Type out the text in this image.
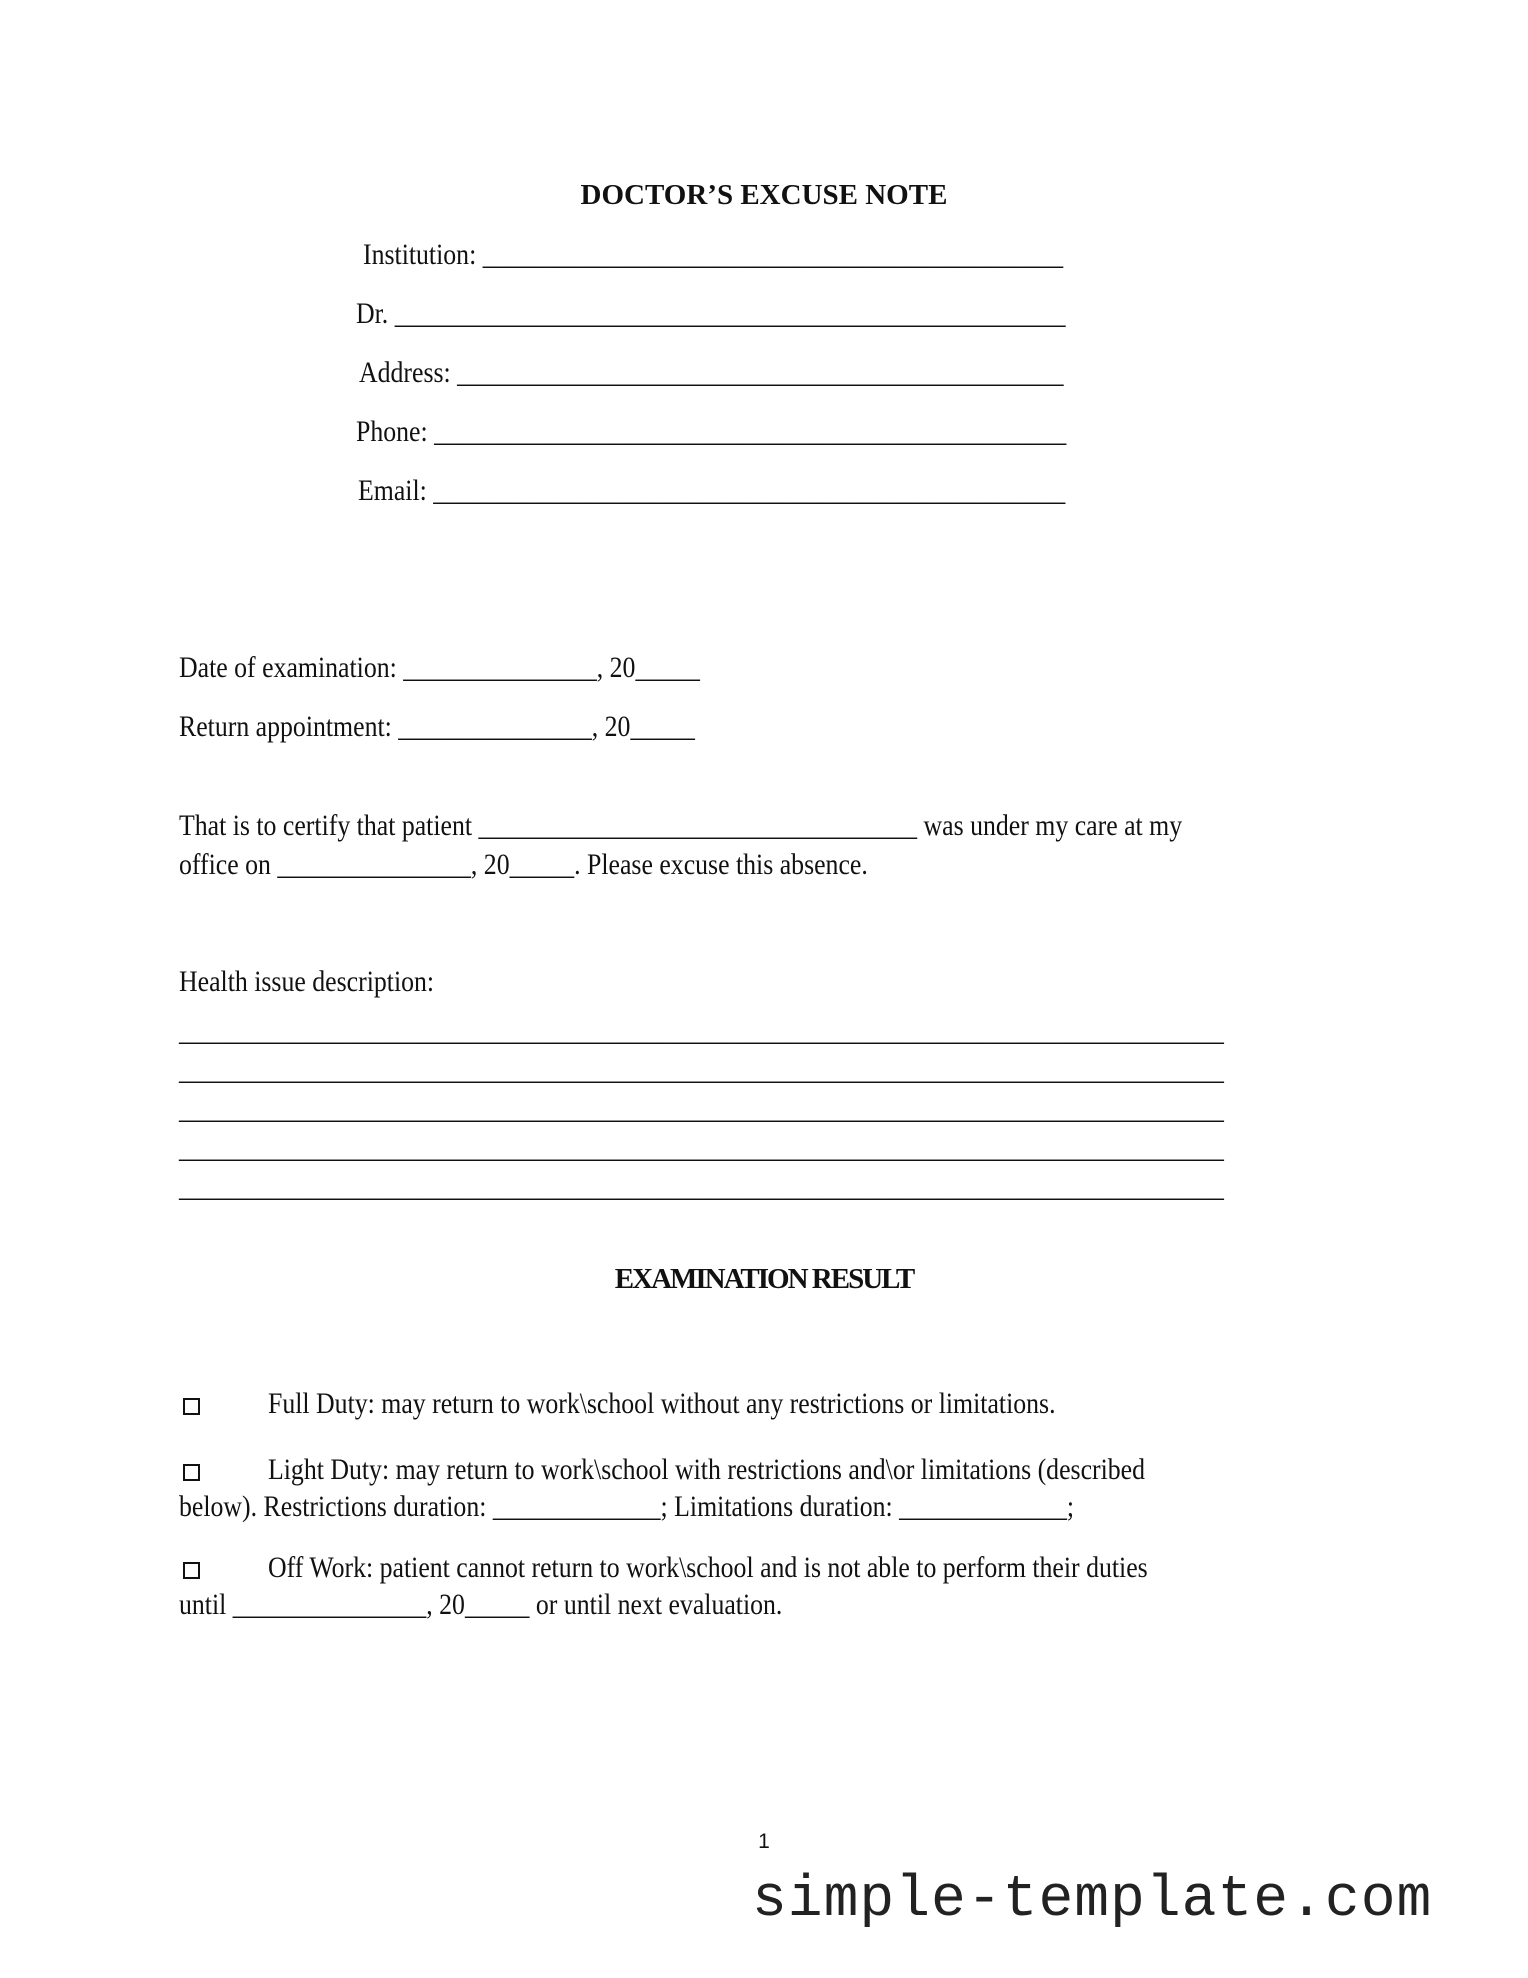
DOCTOR’S EXCUSE NOTE
Institution: _____________________________________________
Dr. ____________________________________________________
Address: _______________________________________________
Phone: _________________________________________________
Email: _________________________________________________
Date of examination: _______________, 20_____
Return appointment: _______________, 20_____
That is to certify that patient __________________________________ was under my care at my
office on _______________, 20_____. Please excuse this absence.
Health issue description:
_________________________________________________________________________________
_________________________________________________________________________________
_________________________________________________________________________________
_________________________________________________________________________________
_________________________________________________________________________________
EXAMINATION RESULT
Full Duty: may return to work\school without any restrictions or limitations.
Light Duty: may return to work\school with restrictions and\or limitations (described
below). Restrictions duration: _____________; Limitations duration: _____________;
Off Work: patient cannot return to work\school and is not able to perform their duties
until _______________, 20_____ or until next evaluation.
1
simple-template.com
